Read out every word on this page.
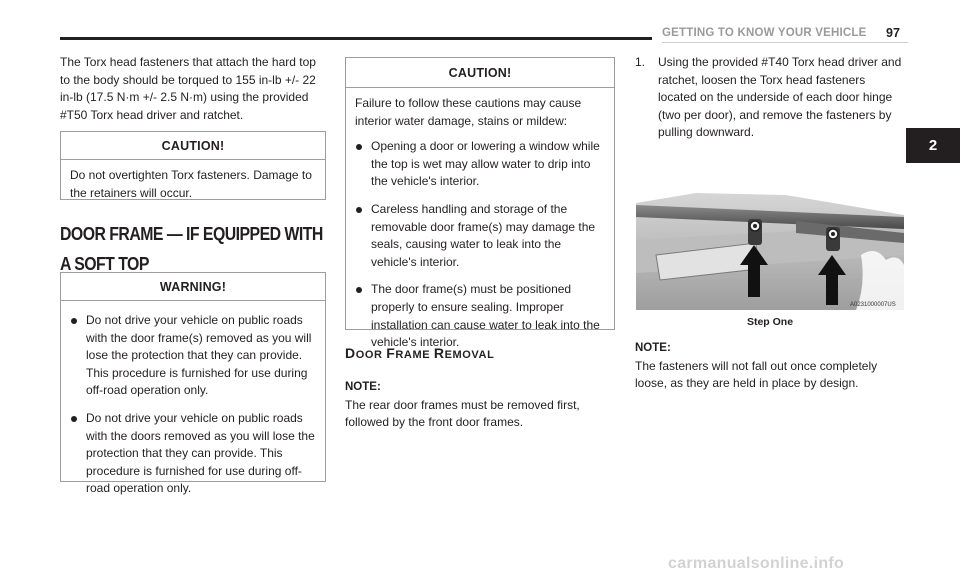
GETTING TO KNOW YOUR VEHICLE 97
2

The Torx head fasteners that attach the hard top to the body should be torqued to 155 in-lb +/- 22 in-lb (17.5 N·m +/- 2.5 N·m) using the provided #T50 Torx head driver and ratchet.

CAUTION!
Do not overtighten Torx fasteners. Damage to the retainers will occur.
DOOR FRAME — IF EQUIPPED WITH A SOFT TOP
WARNING!
Do not drive your vehicle on public roads with the door frame(s) removed as you will lose the protection that they can provide. This procedure is furnished for use during off-road operation only.
Do not drive your vehicle on public roads with the doors removed as you will lose the protection that they can provide. This procedure is furnished for use during off-road operation only.
CAUTION!
Failure to follow these cautions may cause interior water damage, stains or mildew:
Opening a door or lowering a window while the top is wet may allow water to drip into the vehicle's interior.
Careless handling and storage of the removable door frame(s) may damage the seals, causing water to leak into the vehicle's interior.
The door frame(s) must be positioned properly to ensure sealing. Improper installation can cause water to leak into the vehicle's interior.
DOOR FRAME REMOVAL
NOTE:
The rear door frames must be removed first, followed by the front door frames.
1.	Using the provided #T40 Torx head driver and ratchet, loosen the Torx head fasteners located on the underside of each door hinge (two per door), and remove the fasteners by pulling downward.
A0231000007US
Step One
NOTE:
The fasteners will not fall out once completely loose, as they are held in place by design.
carmanualsonline.info
